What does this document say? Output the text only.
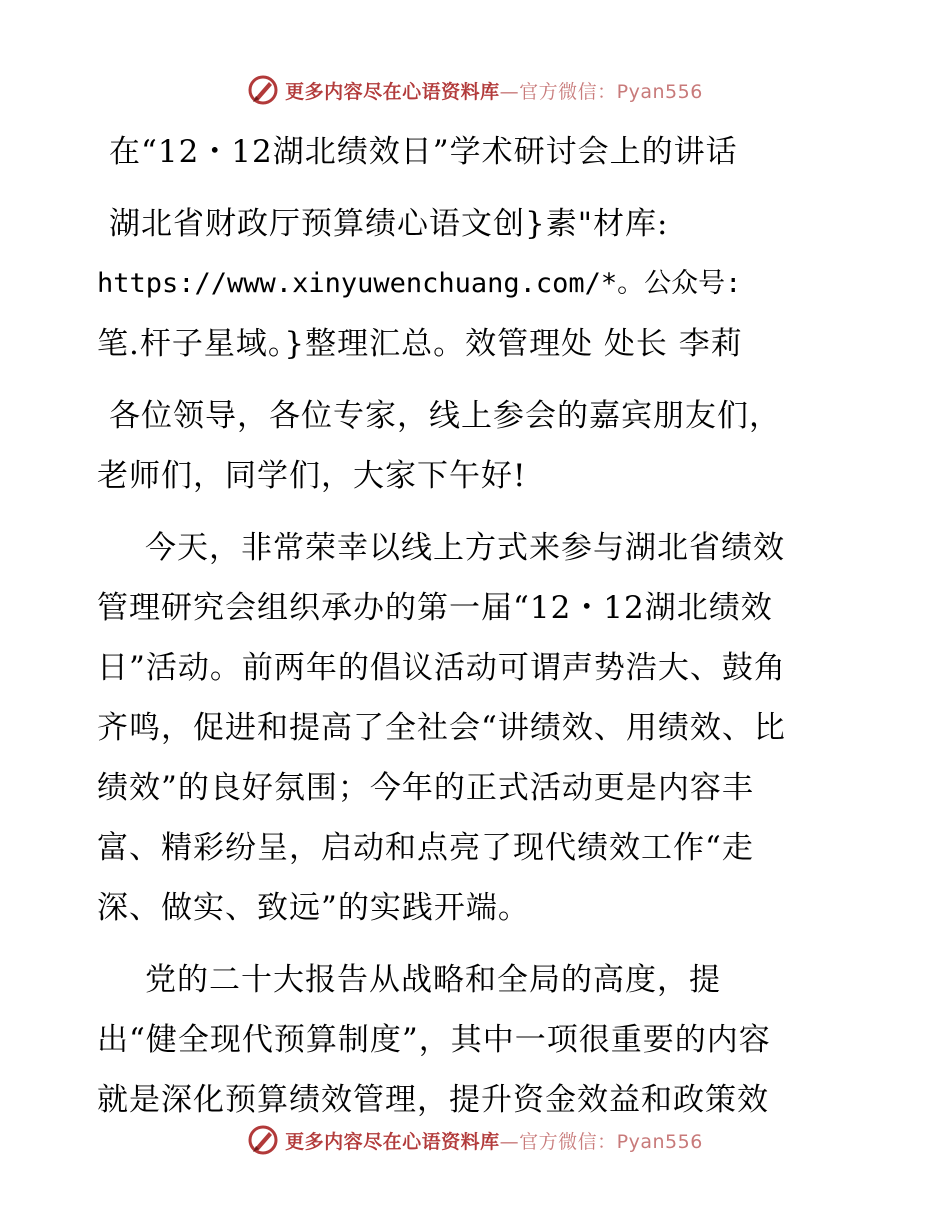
更多内容尽在心语资料库—官方微信：Pyan556
在“12・12湖北绩效日”学术研讨会上的讲话
湖北省财政厅预算绩心语文创}素"材库:
https://www.xinyuwenchuang.com/*。公众号:
笔.杆子星域。}整理汇总。效管理处 处长 李莉
各位领导，各位专家，线上参会的嘉宾朋友们，
老师们，同学们，大家下午好!
今天，非常荣幸以线上方式来参与湖北省绩效
管理研究会组织承办的第一届“12・12湖北绩效
日”活动。前两年的倡议活动可谓声势浩大、鼓角
齐鸣，促进和提高了全社会“讲绩效、用绩效、比
绩效”的良好氛围；今年的正式活动更是内容丰
富、精彩纷呈，启动和点亮了现代绩效工作“走
深、做实、致远”的实践开端。
党的二十大报告从战略和全局的高度，提
出“健全现代预算制度”，其中一项很重要的内容
就是深化预算绩效管理，提升资金效益和政策效
更多内容尽在心语资料库—官方微信：Pyan556
